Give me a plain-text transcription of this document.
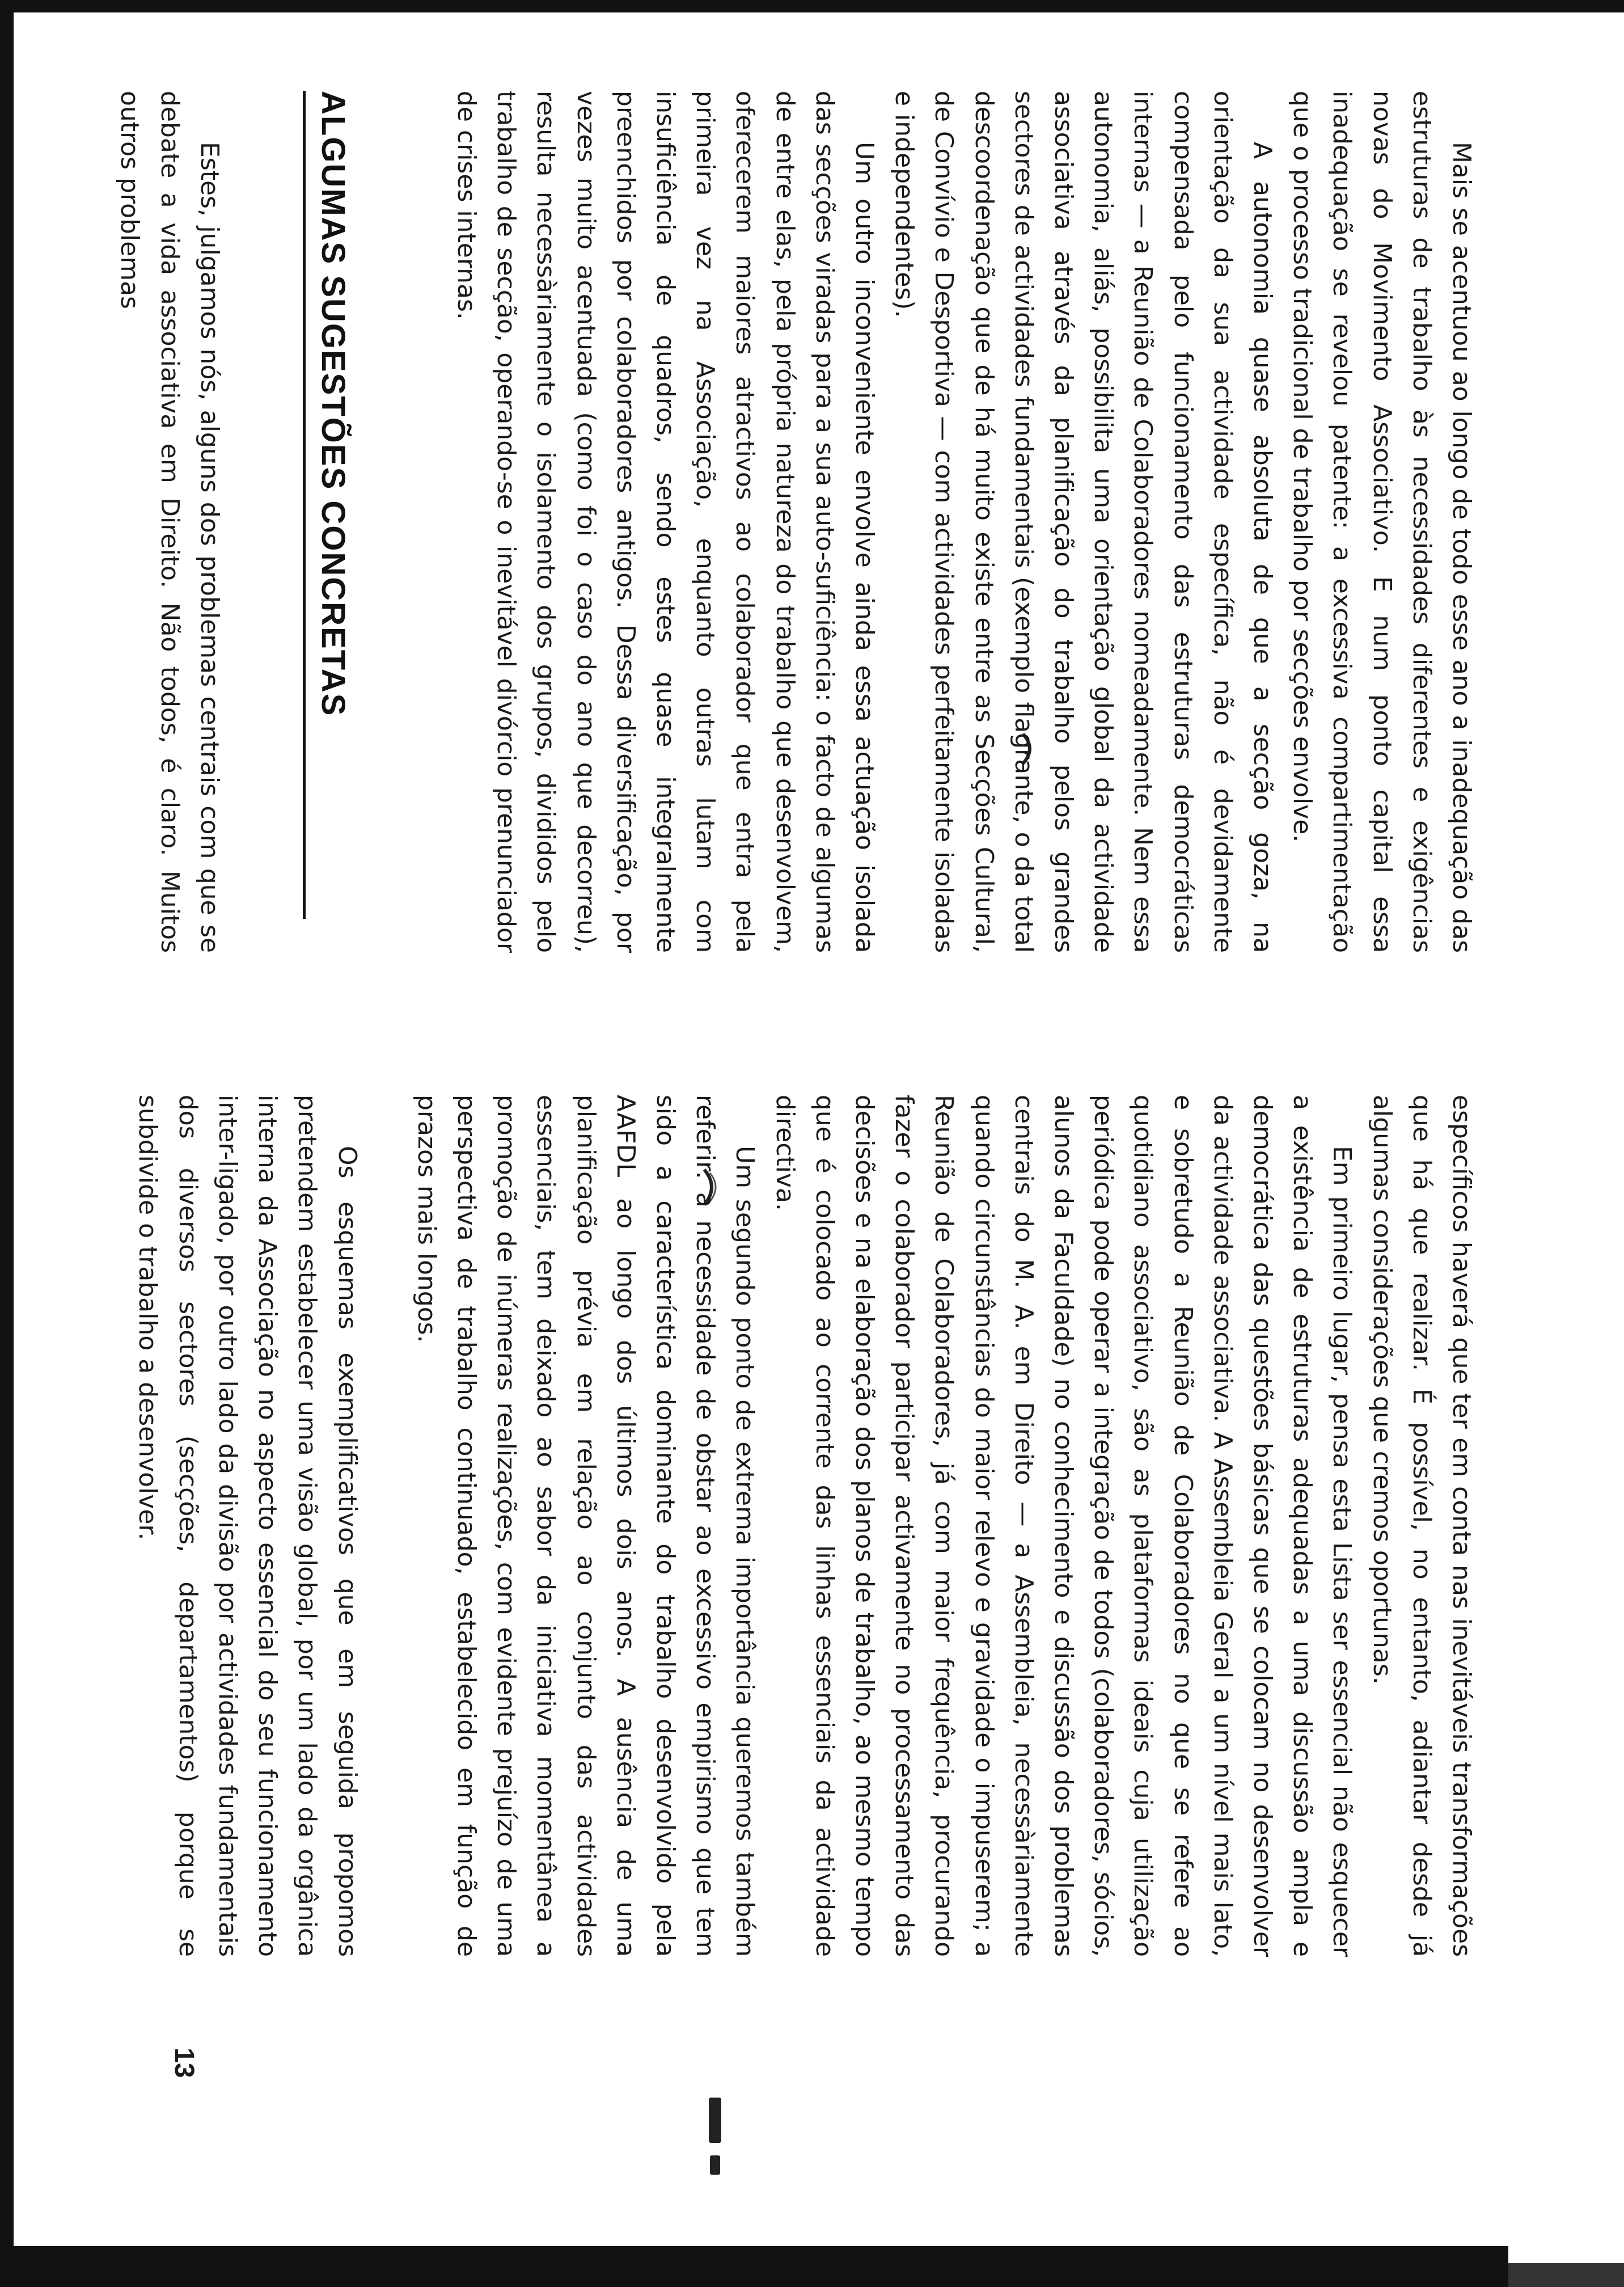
Mais se acentuou ao longo de todo esse ano a inadequação das estruturas de trabalho às necessidades diferentes e exigências novas do Movimento Associativo. E num ponto capital essa inadequação se revelou patente: a excessiva compartimentação que o processo tradicional de trabalho por secções envolve.

A autonomia quase absoluta de que a secção goza, na orientação da sua actividade específica, não é devidamente compensada pelo funcionamento das estruturas democráticas internas — a Reunião de Colaboradores nomeadamente. Nem essa autonomia, aliás, possibilita uma orientação global da actividade associativa através da planificação do trabalho pelos grandes sectores de actividades fundamentais (exemplo flagrante, o da total descoordenação que de há muito existe entre as Secções Cultural, de Convívio e Desportiva — com actividades perfeitamente isoladas e independentes).

Um outro inconveniente envolve ainda essa actuação isolada das secções viradas para a sua auto-suficiência: o facto de algumas de entre elas, pela própria natureza do trabalho que desenvolvem, oferecerem maiores atractivos ao colaborador que entra pela primeira vez na Associação, enquanto outras lutam com insuficiência de quadros, sendo estes quase integralmente preenchidos por colaboradores antigos. Dessa diversificação, por vezes muito acentuada (como foi o caso do ano que decorreu), resulta necessàriamente o isolamento dos grupos, divididos pelo trabalho de secção, operando-se o inevitável divórcio prenunciador de crises internas.

ALGUMAS SUGESTÕES CONCRETAS

Estes, julgamos nós, alguns dos problemas centrais com que se debate a vida associativa em Direito. Não todos, é claro. Muitos outros problemas

específicos haverá que ter em conta nas inevitáveis transformações que há que realizar. É possível, no entanto, adiantar desde já algumas considerações que cremos oportunas.

Em primeiro lugar, pensa esta Lista ser essencial não esquecer a existência de estruturas adequadas a uma discussão ampla e democrática das questões básicas que se colocam no desenvolver da actividade associativa. A Assembleia Geral a um nível mais lato, e sobretudo a Reunião de Colaboradores no que se refere ao quotidiano associativo, são as plataformas ideais cuja utilização periódica pode operar a integração de todos (colaboradores, sócios, alunos da Faculdade) no conhecimento e discussão dos problemas centrais do M. A. em Direito — a Assembleia, necessàriamente quando circunstâncias do maior relevo e gravidade o impuserem; a Reunião de Colaboradores, já com maior frequência, procurando fazer o colaborador participar activamente no processamento das decisões e na elaboração dos planos de trabalho, ao mesmo tempo que é colocado ao corrente das linhas essenciais da actividade directiva.

Um segundo ponto de extrema importância queremos também referir: a necessidade de obstar ao excessivo empirismo que tem sido a característica dominante do trabalho desenvolvido pela AAFDL ao longo dos últimos dois anos. A ausência de uma planificação prévia em relação ao conjunto das actividades essenciais, tem deixado ao sabor da iniciativa momentânea a promoção de inúmeras realizações, com evidente prejuízo de uma perspectiva de trabalho continuado, estabelecido em função de prazos mais longos.

Os esquemas exemplificativos que em seguida propomos pretendem estabelecer uma visão global, por um lado da orgânica interna da Associação no aspecto essencial do seu funcionamento inter-ligado, por outro lado da divisão por actividades fundamentais dos diversos sectores (secções, departamentos) porque se subdivide o trabalho a desenvolver.

13
